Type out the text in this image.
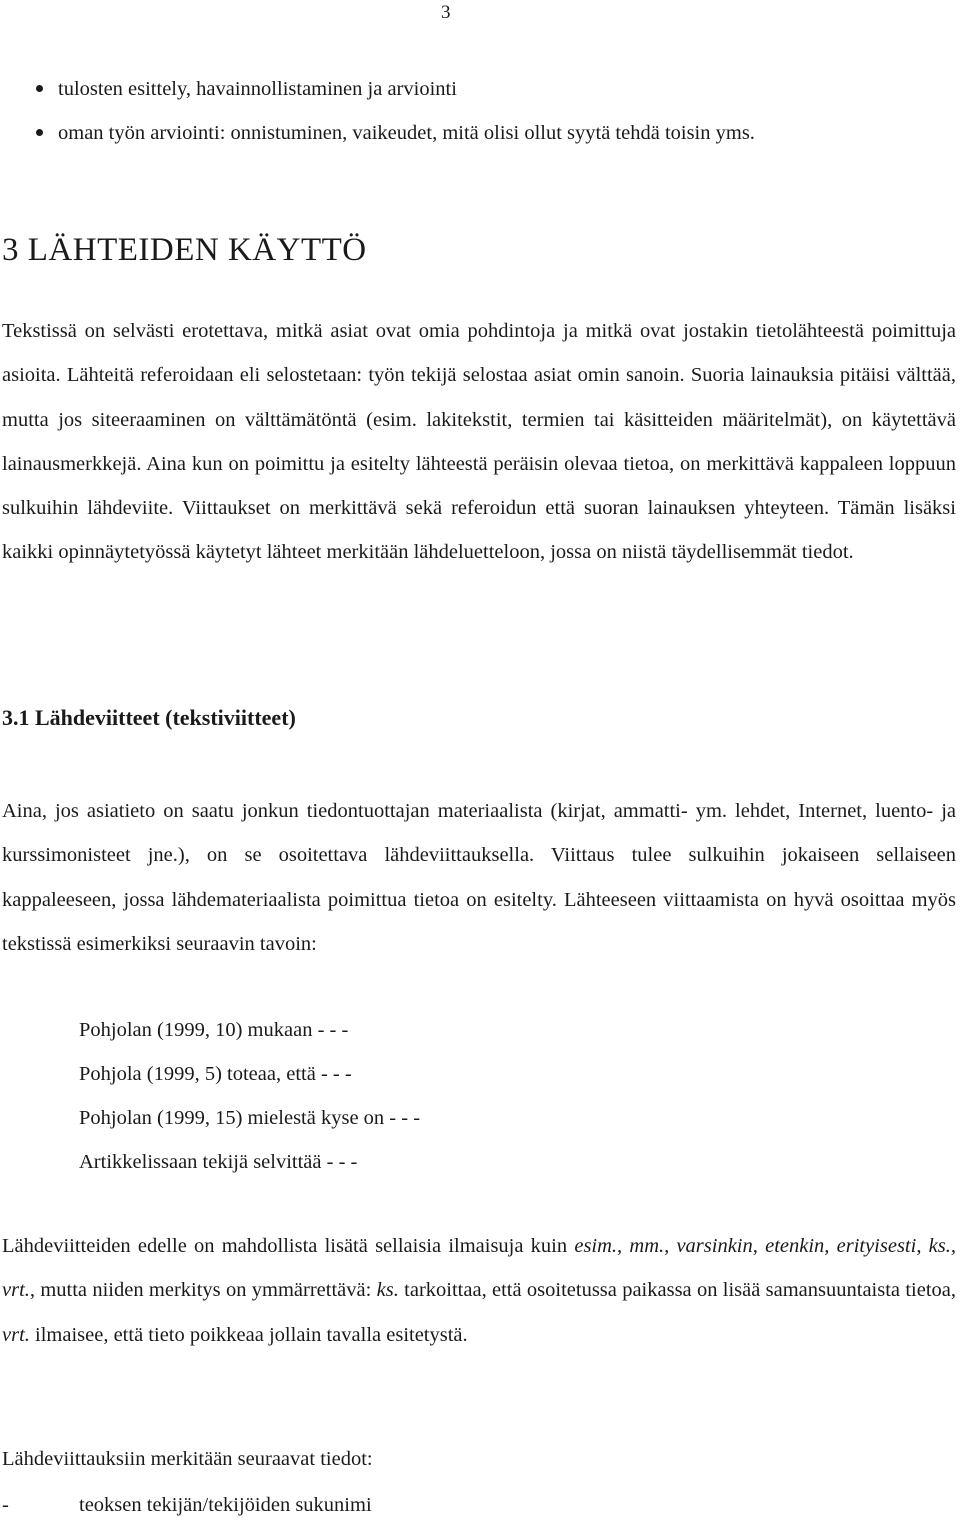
3
tulosten esittely, havainnollistaminen ja arviointi
oman työn arviointi: onnistuminen, vaikeudet, mitä olisi ollut syytä tehdä toisin yms.
3 LÄHTEIDEN KÄYTTÖ

Tekstissä on selvästi erotettava, mitkä asiat ovat omia pohdintoja ja mitkä ovat jostakin tietolähteestä poimittuja asioita. Lähteitä referoidaan eli selostetaan: työn tekijä selostaa asiat omin sanoin. Suoria lainauksia pitäisi välttää, mutta jos siteeraaminen on välttämätöntä (esim. lakitekstit, termien tai käsitteiden määritelmät), on käytettävä lainausmerkkejä. Aina kun on poimittu ja esitelty lähteestä peräisin olevaa tietoa, on merkittävä kappaleen loppuun sulkuihin lähdeviite. Viittaukset on merkittävä sekä referoidun että suoran lainauksen yhteyteen. Tämän lisäksi kaikki opinnäytetyössä käytetyt lähteet merkitään lähdeluetteloon, jossa on niistä täydellisemmät tiedot.

3.1 Lähdeviitteet (tekstiviitteet)

Aina, jos asiatieto on saatu jonkun tiedontuottajan materiaalista (kirjat, ammatti- ym. lehdet, Internet, luento- ja kurssimonisteet jne.), on se osoitettava lähdeviittauksella. Viittaus tulee sulkuihin jokaiseen sellaiseen kappaleeseen, jossa lähdemateriaalista poimittua tietoa on esitelty. Lähteeseen viittaamista on hyvä osoittaa myös tekstissä esimerkiksi seuraavin tavoin:

Pohjolan (1999, 10) mukaan - - -
Pohjola (1999, 5) toteaa, että - - -
Pohjolan (1999, 15) mielestä kyse on - - -
Artikkelissaan tekijä selvittää - - -

Lähdeviitteiden edelle on mahdollista lisätä sellaisia ilmaisuja kuin esim., mm., varsinkin, etenkin, erityisesti, ks., vrt., mutta niiden merkitys on ymmärrettävä: ks. tarkoittaa, että osoitetussa paikassa on lisää samansuuntaista tietoa, vrt. ilmaisee, että tieto poikkeaa jollain tavalla esitetystä.

Lähdeviittauksiin merkitään seuraavat tiedot:
-	teoksen tekijän/tekijöiden sukunimi
